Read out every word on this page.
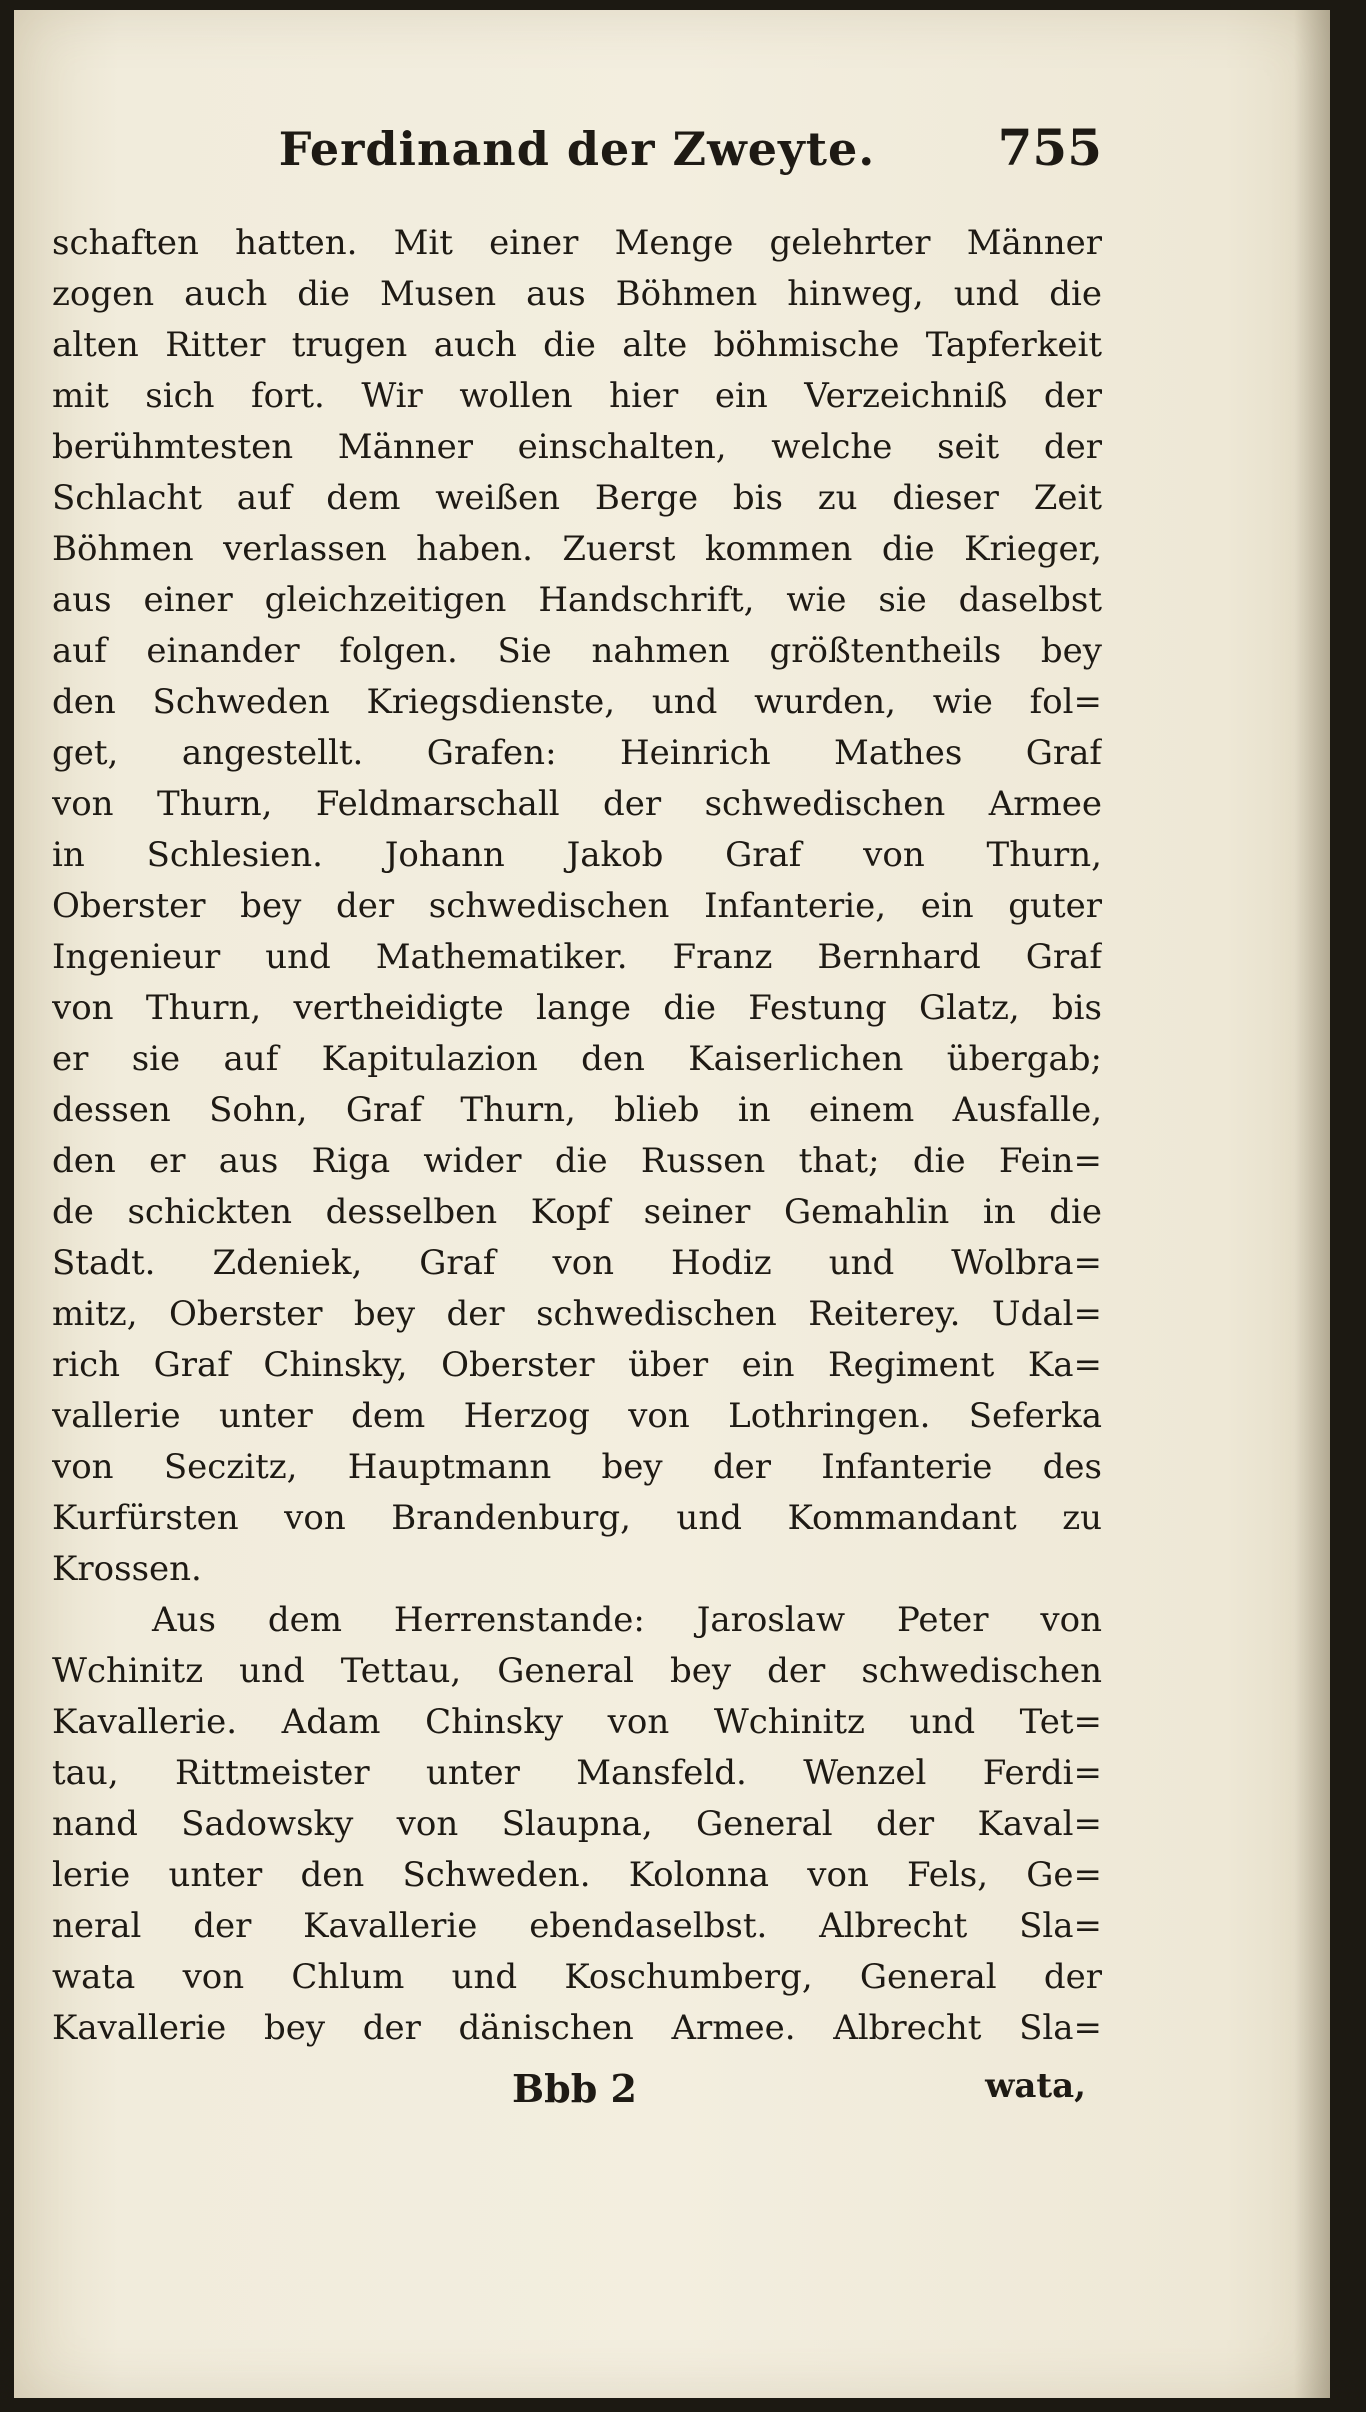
Ferdinand der Zweyte.	755
schaften hatten. Mit einer Menge gelehrter Männer
zogen auch die Musen aus Böhmen hinweg, und die
alten Ritter trugen auch die alte böhmische Tapferkeit
mit sich fort. Wir wollen hier ein Verzeichniß der
berühmtesten Männer einschalten, welche seit der
Schlacht auf dem weißen Berge bis zu dieser Zeit
Böhmen verlassen haben. Zuerst kommen die Krieger,
aus einer gleichzeitigen Handschrift, wie sie daselbst
auf einander folgen. Sie nahmen größtentheils bey
den Schweden Kriegsdienste, und wurden, wie fol=
get, angestellt. Grafen: Heinrich Mathes Graf
von Thurn, Feldmarschall der schwedischen Armee
in Schlesien. Johann Jakob Graf von Thurn,
Oberster bey der schwedischen Infanterie, ein guter
Ingenieur und Mathematiker. Franz Bernhard Graf
von Thurn, vertheidigte lange die Festung Glatz, bis
er sie auf Kapitulazion den Kaiserlichen übergab;
dessen Sohn, Graf Thurn, blieb in einem Ausfalle,
den er aus Riga wider die Russen that; die Fein=
de schickten desselben Kopf seiner Gemahlin in die
Stadt. Zdeniek, Graf von Hodiz und Wolbra=
mitz, Oberster bey der schwedischen Reiterey. Udal=
rich Graf Chinsky, Oberster über ein Regiment Ka=
vallerie unter dem Herzog von Lothringen. Seferka
von Seczitz, Hauptmann bey der Infanterie des
Kurfürsten von Brandenburg, und Kommandant zu
Krossen.
Aus dem Herrenstande: Jaroslaw Peter von
Wchinitz und Tettau, General bey der schwedischen
Kavallerie. Adam Chinsky von Wchinitz und Tet=
tau, Rittmeister unter Mansfeld. Wenzel Ferdi=
nand Sadowsky von Slaupna, General der Kaval=
lerie unter den Schweden. Kolonna von Fels, Ge=
neral der Kavallerie ebendaselbst. Albrecht Sla=
wata von Chlum und Koschumberg, General der
Kavallerie bey der dänischen Armee. Albrecht Sla=
Bbb 2	wata,
